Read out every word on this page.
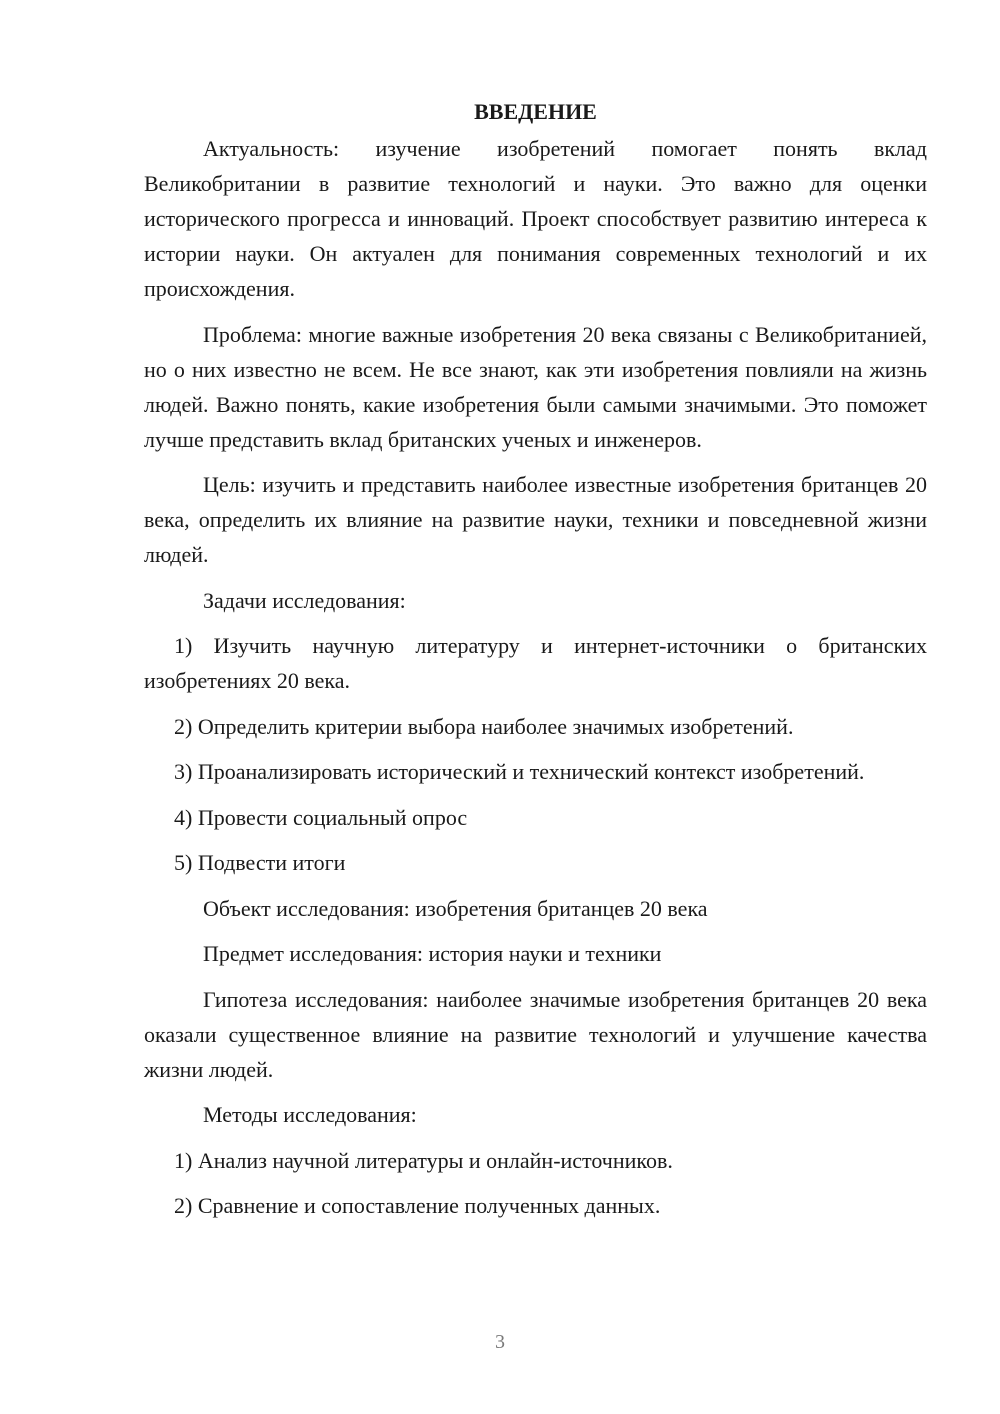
ВВЕДЕНИЕ

Актуальность: изучение изобретений помогает понять вклад Великобритании в развитие технологий и науки. Это важно для оценки исторического прогресса и инноваций. Проект способствует развитию интереса к истории науки. Он актуален для понимания современных технологий и их происхождения.

Проблема: многие важные изобретения 20 века связаны с Великобританией, но о них известно не всем. Не все знают, как эти изобретения повлияли на жизнь людей. Важно понять, какие изобретения были самыми значимыми. Это поможет лучше представить вклад британских ученых и инженеров.

Цель: изучить и представить наиболее известные изобретения британцев 20 века, определить их влияние на развитие науки, техники и повседневной жизни людей.

Задачи исследования:

1) Изучить научную литературу и интернет-источники о британских изобретениях 20 века.

2) Определить критерии выбора наиболее значимых изобретений.

3) Проанализировать исторический и технический контекст изобретений.

4) Провести социальный опрос

5) Подвести итоги

Объект исследования: изобретения британцев 20 века

Предмет исследования: история науки и техники

Гипотеза исследования: наиболее значимые изобретения британцев 20 века оказали существенное влияние на развитие технологий и улучшение качества жизни людей.

Методы исследования:

1) Анализ научной литературы и онлайн-источников.

2) Сравнение и сопоставление полученных данных.

3
